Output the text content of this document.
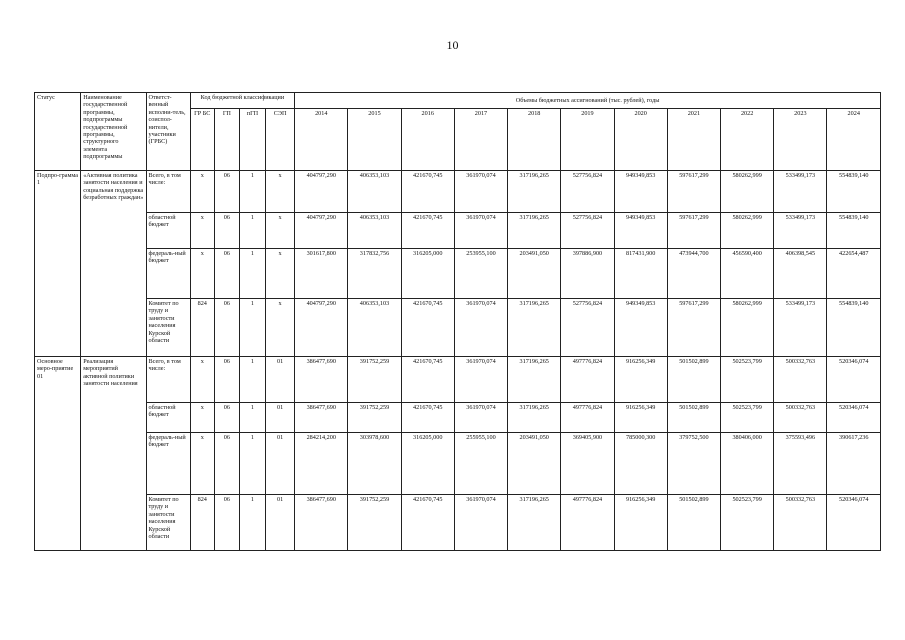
10
Статус	Наименование государственной программы, подпрограммы государственной программы, структурного элемента подпрограммы	Ответст-венный исполни-тель, соиспол-нители, участники (ГРБС)	Код бюджетной классификации				Объемы бюджетных ассигнований (тыс. рублей), годы										
			ГР БС	ГП	пГП	СЭП	2014	2015	2016	2017	2018	2019	2020	2021	2022	2023	2024
Подпро-грамма 1	«Активная политика занятости населения и социальная поддержка безработных граждан»	Всего, в том числе:	х	06	1	х	404797,290	406353,103	421670,745	361970,074	317196,265	527756,824	949349,853	597617,299	580262,999	533499,173	554839,140
		областной бюджет	х	06	1	х	404797,290	406353,103	421670,745	361970,074	317196,265	527756,824	949349,853	597617,299	580262,999	533499,173	554839,140
		федераль-ный бюджет	х	06	1	х	301617,800	317832,756	316205,000	253955,100	203491,050	397886,900	817431,900	473944,700	456590,400	406398,545	422654,487
		Комитет по труду и занятости населения Курской области	824	06	1	х	404797,290	406353,103	421670,745	361970,074	317196,265	527756,824	949349,853	597617,299	580262,999	533499,173	554839,140
Основное меро-приятие 01	Реализация мероприятий активной политики занятости населения	Всего, в том числе:	х	06	1	01	386477,690	391752,259	421670,745	361970,074	317196,265	497776,824	916256,349	501502,899	502523,799	500332,763	520346,074
		областной бюджет	х	06	1	01	386477,690	391752,259	421670,745	361970,074	317196,265	497776,824	916256,349	501502,899	502523,799	500332,763	520346,074
		федераль-ный бюджет	х	06	1	01	284214,200	303978,600	316205,000	255955,100	203491,050	369405,900	785000,300	379752,500	380406,000	375593,496	390617,236
		Комитет по труду и занятости населения Курской области	824	06	1	01	386477,690	391752,259	421670,745	361970,074	317196,265	497776,824	916256,349	501502,899	502523,799	500332,763	520346,074
